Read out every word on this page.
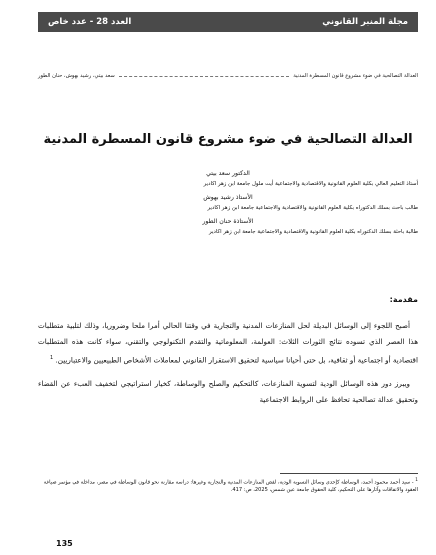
مجلة المنبر القانوني
العدد 28 - عدد خاص
العدالة التصالحية في ضوء مشروع قانون المسطرة المدنية
سعد بيتي، رشيد بهوش، حنان الطور
العدالة التصالحية في ضوء مشروع قانون المسطرة المدنية

الدكتور سعد بيتي

أستاذ التعليم العالي بكلية العلوم القانونية والاقتصادية والاجتماعية أيت ملول جامعة ابن زهر اكادير

الأستاذ رشيد بهوش

طالب باحث بسلك الدكتوراه بكلية العلوم القانونية والاقتصادية والاجتماعية جامعة ابن زهر اكادير

الأستاذة حنان الطور

طالبة باحثة بسلك الدكتوراه بكلية العلوم القانونية والاقتصادية والاجتماعية جامعة ابن زهر اكادير

مقدمة:

أصبح اللجوء إلى الوسائل البديلة لحل المنازعات المدنية والتجارية في وقتنا الحالي أمرا ملحا وضروريا، وذلك لتلبية متطلبات هذا العصر الذي تسوده نتائج الثورات الثلاث: العولمة، المعلوماتية والتقدم التكنولوجي والتقني، سواء كانت هذه المتطلبات اقتصادية أو اجتماعية أو ثقافية، بل حتى أحيانا سياسية لتحقيق الاستقرار القانوني لمعاملات الأشخاص الطبيعيين والاعتباريين. $^1$

ويبرز دور هذه الوسائل الودية لتسوية المنازعات، كالتحكيم والصلح والوساطة، كخيار استراتيجي لتخفيف العبء عن القضاء وتحقيق عدالة تصالحية تحافظ على الروابط الاجتماعية

$^1$ - سيد أحمد محمود أحمد، الوساطة كإحدى وسائل التسوية الودية، لفض المنازعات المدنية والتجارية وغيرها: دراسة مقارنة نحو قانون للوساطة في مصر، مداخلة في مؤتمر صياغة العقود والاتفاقات وآثارها على التحكيم، كلية الحقوق جامعة عين شمس، 2025، ص: 417.

135
